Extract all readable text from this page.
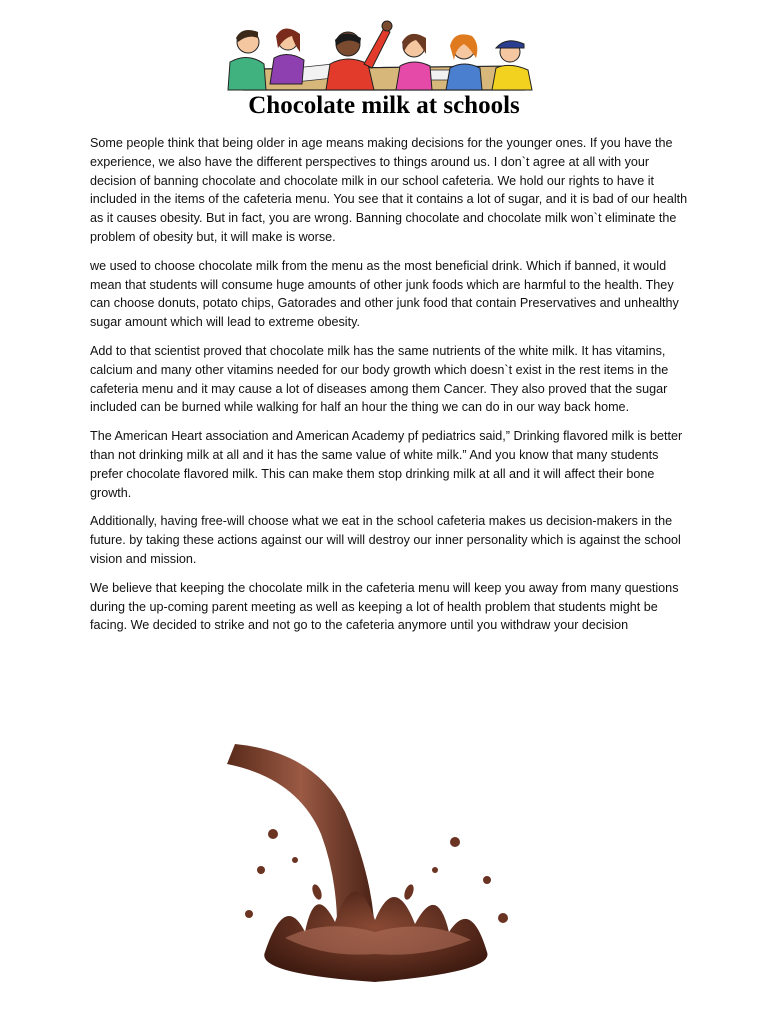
Chocolate milk at schools

Some people think that being older in age means making decisions for the younger ones. If you have the experience, we also have the different perspectives to things around us. I don`t agree at all with your decision of banning chocolate and chocolate milk in our school cafeteria. We hold our rights to have it included in the items of the cafeteria menu. You see that it contains a lot of sugar, and it is bad of our health as it causes obesity. But in fact, you are wrong. Banning chocolate and chocolate milk won`t eliminate the problem of obesity but, it will make is worse.

we used to choose chocolate milk from the menu as the most beneficial drink. Which if banned, it would mean that students will consume huge amounts of other junk foods which are harmful to the health. They can choose donuts, potato chips, Gatorades and other junk food that contain Preservatives and unhealthy sugar amount which will lead to extreme obesity.

Add to that scientist proved that chocolate milk has the same nutrients of the white milk. It has vitamins, calcium and many other vitamins needed for our body growth which doesn`t exist in the rest items in the cafeteria menu and it may cause a lot of diseases among them Cancer. They also proved that the sugar included can be burned while walking for half an hour the thing we can do in our way back home.

The American Heart association and American Academy pf pediatrics said,” Drinking flavored milk is better than not drinking milk at all and it has the same value of white milk.” And you know that many students prefer chocolate flavored milk. This can make them stop drinking milk at all and it will affect their bone growth.

Additionally, having free-will choose what we eat in the school cafeteria makes us decision-makers in the future. by taking these actions against our will will destroy our inner personality which is against the school vision and mission.

We believe that keeping the chocolate milk in the cafeteria menu will keep you away from many questions during the up-coming parent meeting as well as keeping a lot of health problem that students might be facing. We decided to strike and not go to the cafeteria anymore until you withdraw your decision
